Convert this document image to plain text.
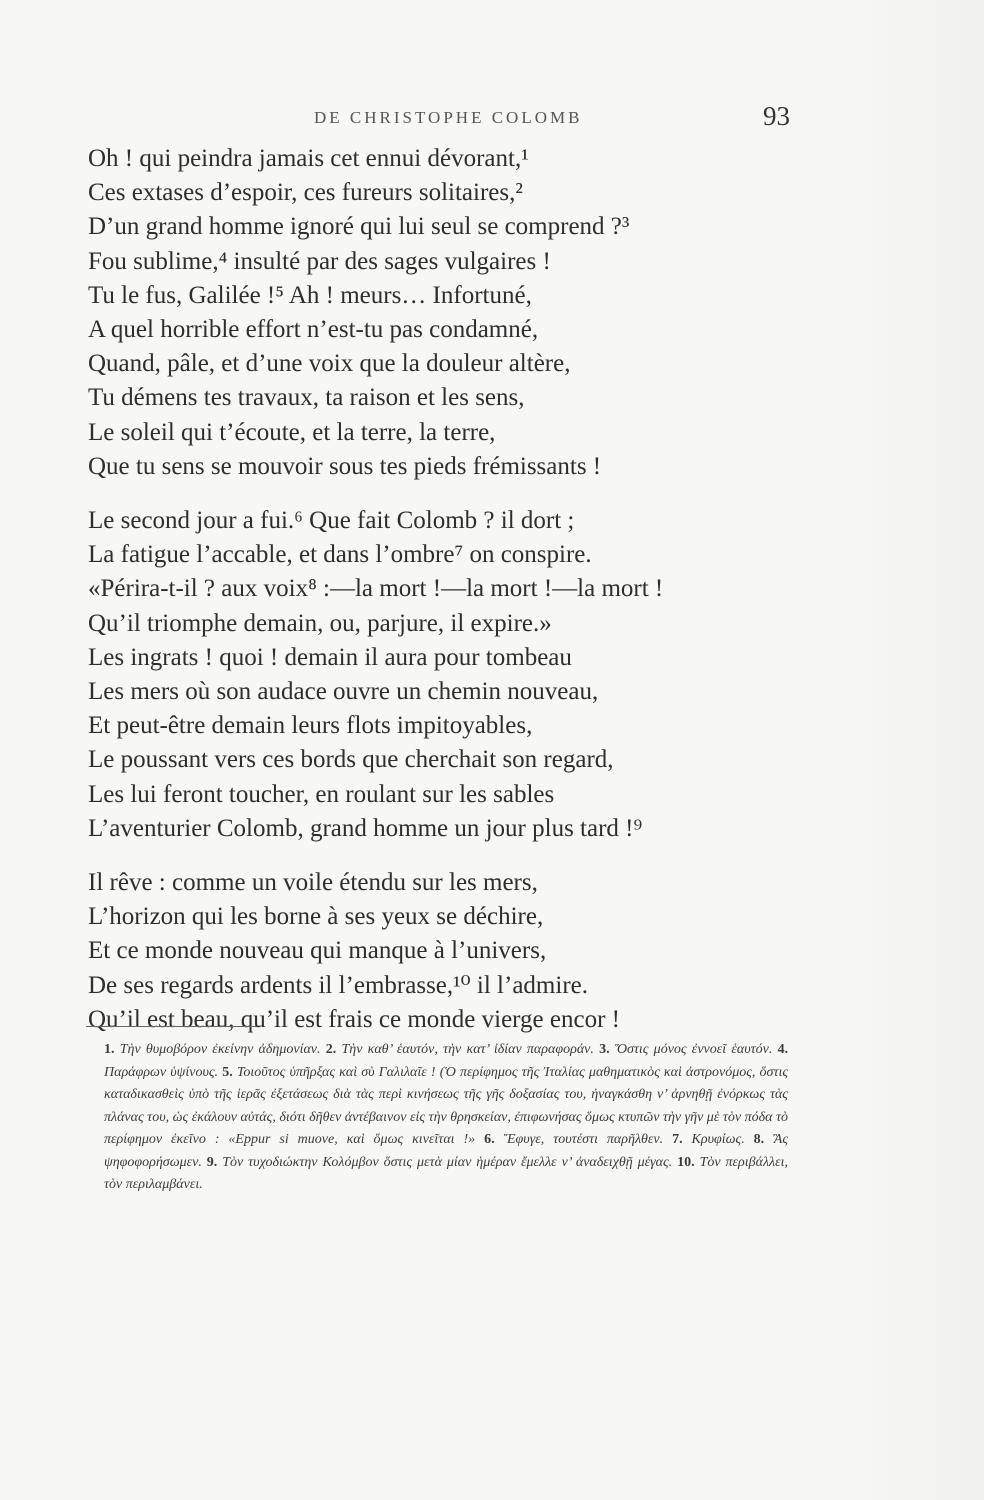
DE CHRISTOPHE COLOMB	93
Oh ! qui peindra jamais cet ennui dévorant,¹
Ces extases d’espoir, ces fureurs solitaires,²
D’un grand homme ignoré qui lui seul se comprend ?³
Fou sublime,⁴ insulté par des sages vulgaires !
Tu le fus, Galilée !⁵ Ah ! meurs… Infortuné,
A quel horrible effort n’est-tu pas condamné,
Quand, pâle, et d’une voix que la douleur altère,
Tu démens tes travaux, ta raison et les sens,
Le soleil qui t’écoute, et la terre, la terre,
Que tu sens se mouvoir sous tes pieds frémissants !
Le second jour a fui.⁶ Que fait Colomb ? il dort ;
La fatigue l’accable, et dans l’ombre⁷ on conspire.
«Périra-t-il ? aux voix⁸ :—la mort !—la mort !—la mort !
Qu’il triomphe demain, ou, parjure, il expire.»
Les ingrats ! quoi ! demain il aura pour tombeau
Les mers où son audace ouvre un chemin nouveau,
Et peut-être demain leurs flots impitoyables,
Le poussant vers ces bords que cherchait son regard,
Les lui feront toucher, en roulant sur les sables
L’aventurier Colomb, grand homme un jour plus tard !⁹
Il rêve : comme un voile étendu sur les mers,
L’horizon qui les borne à ses yeux se déchire,
Et ce monde nouveau qui manque à l’univers,
De ses regards ardents il l’embrasse,¹⁰ il l’admire.
Qu’il est beau, qu’il est frais ce monde vierge encor !
1. Τὴν θυμοβόρον ἐκείνην ἀδημονίαν. 2. Τὴν καθ’ ἑαυτόν, τὴν κατ’ ἰδίαν παραφοράν. 3. Ὅστις μόνος ἐννοεῖ ἑαυτόν. 4. Παράφρων ὑψίνους. 5. Τοιοῦτος ὑπῆρξας καὶ σὺ Γαλιλαῖε ! (Ὁ περίφημος τῆς Ἰταλίας μαθηματικὸς καὶ ἀστρονόμος, ὅστις καταδικασθεὶς ὑπὸ τῆς ἱερᾶς ἐξετάσεως διὰ τὰς περὶ κινήσεως τῆς γῆς δοξασίας του, ἠναγκάσθη ν’ ἀρνηθῇ ἐνόρκως τὰς πλάνας του, ὡς ἐκάλουν αὐτάς, διότι δῆθεν ἀντέβαινον εἰς τὴν θρησκείαν, ἐπιφωνήσας ὅμως κτυπῶν τὴν γῆν μὲ τὸν πόδα τὸ περίφημον ἐκεῖνο : «Eppur si muove, καὶ ὅμως κινεῖται !» 6. Ἔφυγε, τουτέστι παρῆλθεν. 7. Κρυφίως. 8. Ἂς ψηφοφορήσωμεν. 9. Τὸν τυχοδιώκτην Κολόμβον ὅστις μετὰ μίαν ἡμέραν ἔμελλε ν’ ἀναδειχθῇ μέγας. 10. Τὸν περιβάλλει, τὸν περιλαμβάνει.
